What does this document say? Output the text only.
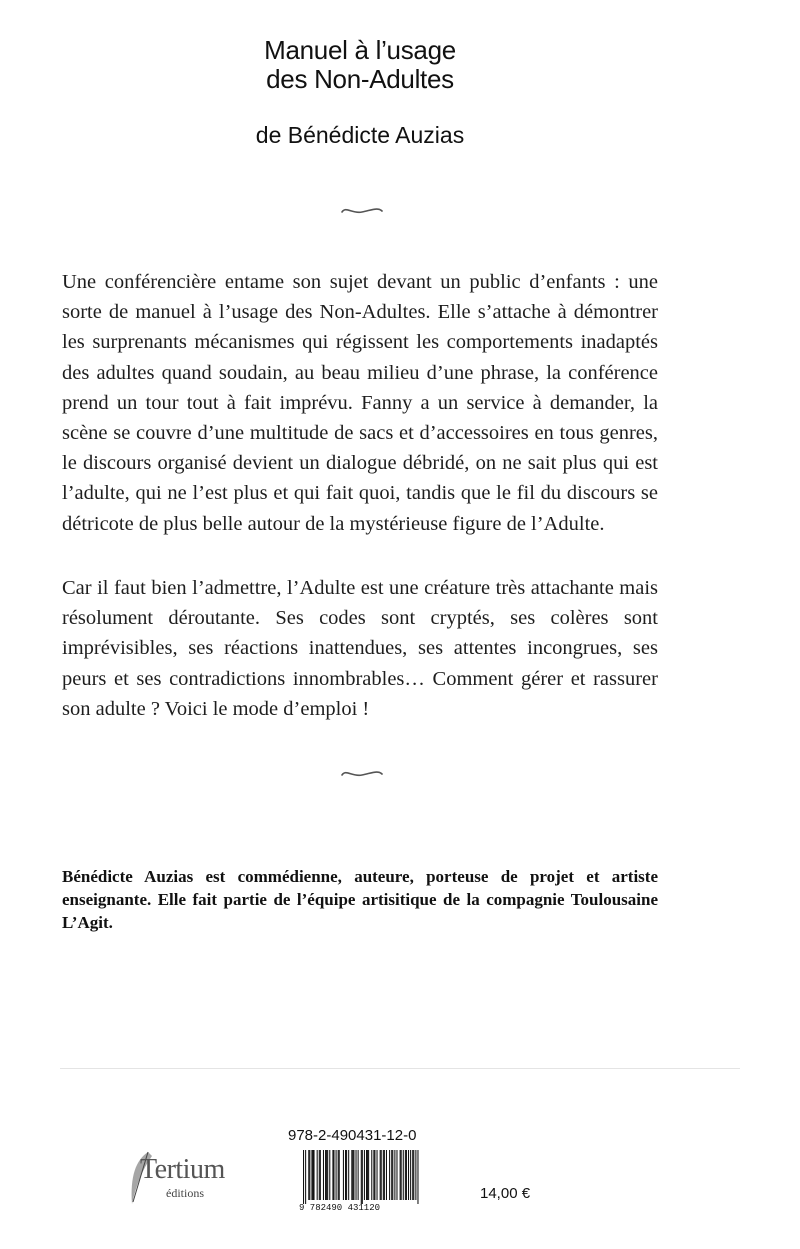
Manuel à l’usage
des Non-Adultes
de Bénédicte Auzias

Une conférencière entame son sujet devant un public d’enfants : une sorte de manuel à l’usage des Non-Adultes. Elle s’attache à démontrer les surprenants mécanismes qui régissent les comportements inadaptés des adultes quand soudain, au beau milieu d’une phrase, la conférence prend un tour tout à fait imprévu. Fanny a un service à demander, la scène se couvre d’une multitude de sacs et d’accessoires en tous genres, le discours organisé devient un dialogue débridé, on ne sait plus qui est l’adulte, qui ne l’est plus et qui fait quoi, tandis que le fil du discours se détricote de plus belle autour de la mystérieuse figure de l’Adulte.

Car il faut bien l’admettre, l’Adulte est une créature très attachante mais résolument déroutante. Ses codes sont cryptés, ses colères sont imprévisibles, ses réactions inattendues, ses attentes incongrues, ses peurs et ses contradictions innombrables… Comment gérer et rassurer son adulte ? Voici le mode d’emploi !

Bénédicte Auzias est commédienne, auteure, porteuse de projet et artiste enseignante. Elle fait partie de l’équipe artisitique de la compagnie Toulousaine L’Agit.

Tertium
éditions
978-2-490431-12-0
9 782490 431120
14,00 €
